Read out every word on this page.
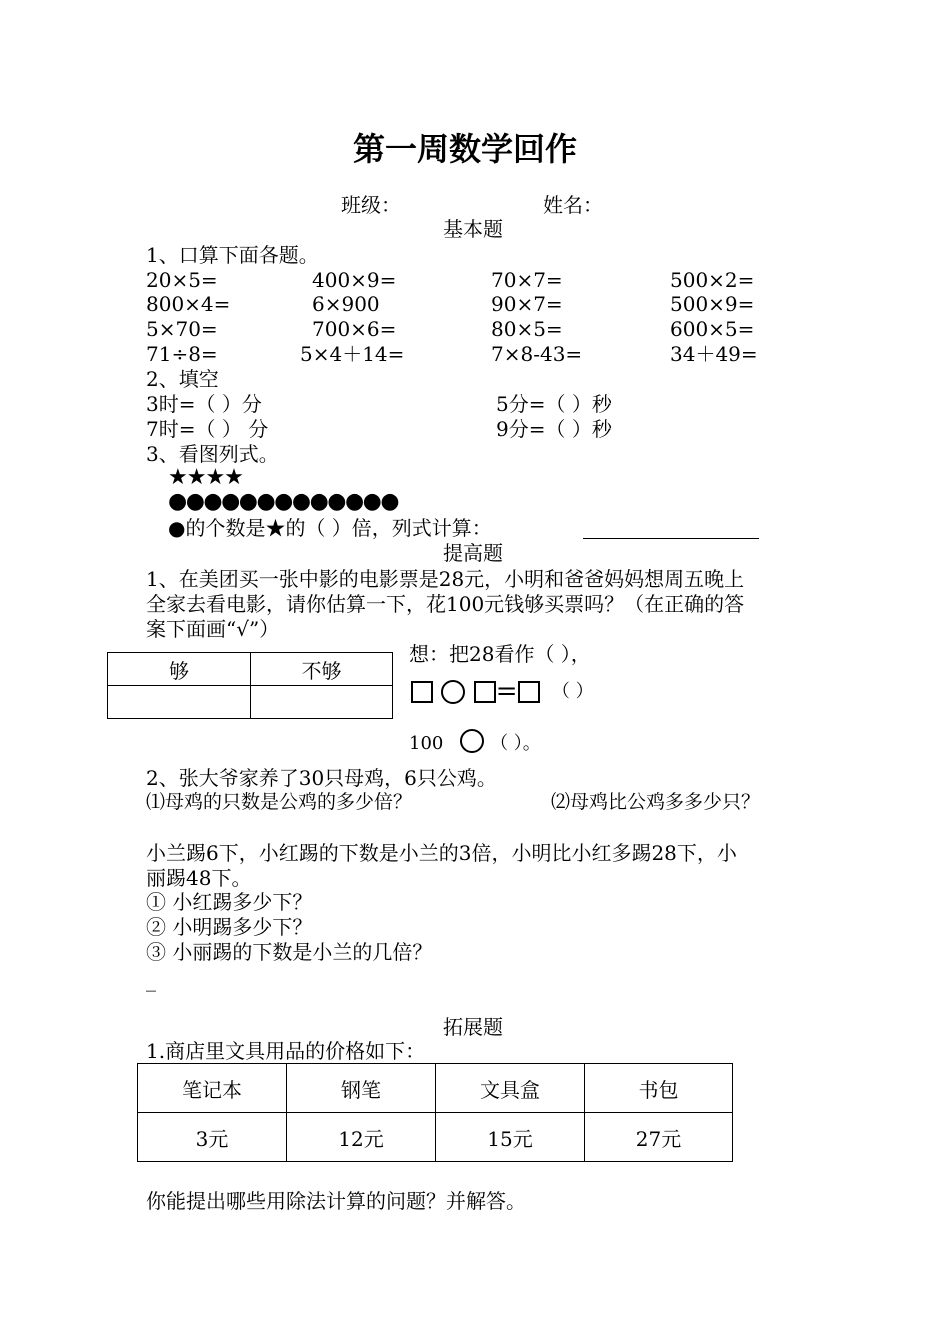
第一周数学回作
班级：	姓名：
基本题
1、口算下面各题。
20×5=	400×9=	70×7=	500×2=
800×4=	6×900	90×7=	500×9=
5×70=	700×6=	80×5=	600×5=
71÷8=	5×4＋14=	7×8-43=	34＋49=
2、填空
3时=（ ）分	5分=（ ）秒
7时=（ ） 分	9分=（ ）秒
3、看图列式。
★★★★
●●●●●●●●●●●●●
●的个数是★的（ ）倍，列式计算：
提高题
1、在美团买一张中影的电影票是28元，小明和爸爸妈妈想周五晚上
全家去看电影，请你估算一下，花100元钱够买票吗？（在正确的答
案下面画“√”）
够	不够

想：把28看作（ ），
= （ ）
100	（ ）。
2、张大爷家养了30只母鸡，6只公鸡。
⑴母鸡的只数是公鸡的多少倍？	⑵母鸡比公鸡多多少只？
小兰踢6下，小红踢的下数是小兰的3倍，小明比小红多踢28下，小
丽踢48下。
① 小红踢多少下？
② 小明踢多少下？
③ 小丽踢的下数是小兰的几倍？
_
拓展题
1.商店里文具用品的价格如下：
笔记本	钢笔	文具盒	书包
3元	12元	15元	27元
你能提出哪些用除法计算的问题？并解答。
